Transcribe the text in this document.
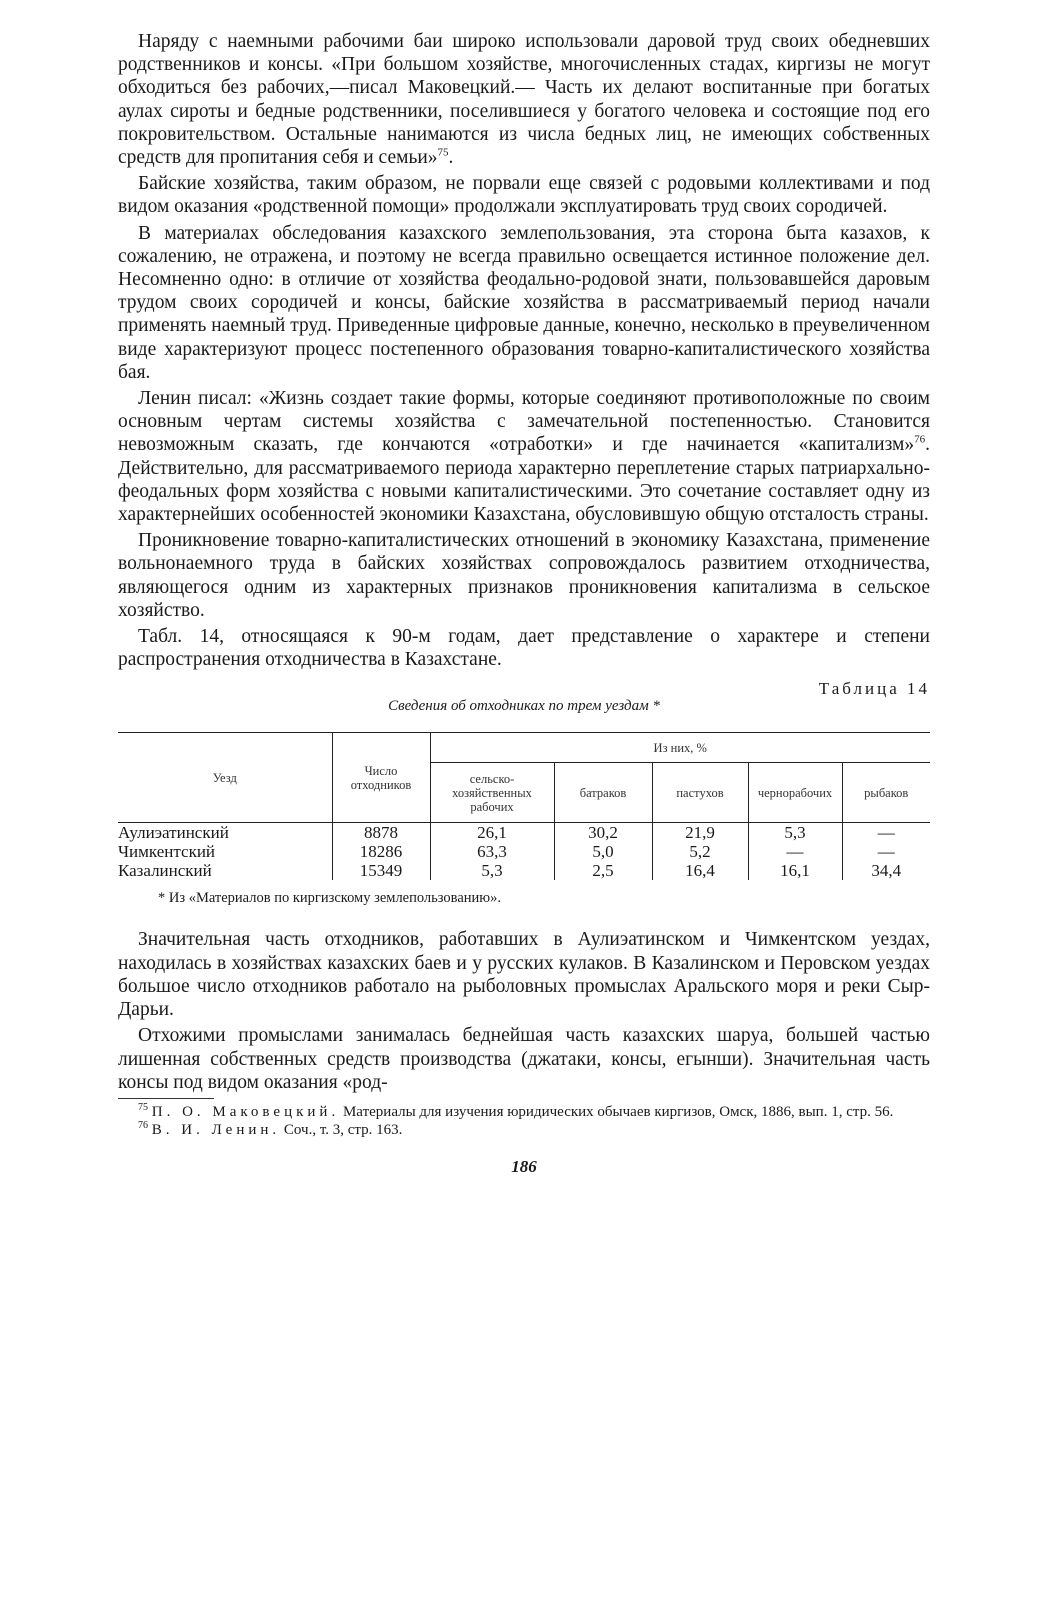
Наряду с наемными рабочими баи широко использовали даровой труд своих обедневших родственников и консы. «При большом хозяйстве, многочисленных стадах, киргизы не могут обходиться без рабочих,—писал Маковецкий.— Часть их делают воспитанные при богатых аулах сироты и бедные родственники, поселившиеся у богатого человека и состоящие под его покровительством. Остальные нанимаются из числа бедных лиц, не имеющих собственных средств для пропитания себя и семьи»$^{75}$.

Байские хозяйства, таким образом, не порвали еще связей с родовыми коллективами и под видом оказания «родственной помощи» продолжали эксплуатировать труд своих сородичей.

В материалах обследования казахского землепользования, эта сторона быта казахов, к сожалению, не отражена, и поэтому не всегда правильно освещается истинное положение дел. Несомненно одно: в отличие от хозяйства феодально-родовой знати, пользовавшейся даровым трудом своих сородичей и консы, байские хозяйства в рассматриваемый период начали применять наемный труд. Приведенные цифровые данные, конечно, несколько в преувеличенном виде характеризуют процесс постепенного образования товарно-капиталистического хозяйства бая.

Ленин писал: «Жизнь создает такие формы, которые соединяют противоположные по своим основным чертам системы хозяйства с замечательной постепенностью. Становится невозможным сказать, где кончаются «отработки» и где начинается «капитализм»$^{76}$. Действительно, для рассматриваемого периода характерно переплетение старых патриархально-феодальных форм хозяйства с новыми капиталистическими. Это сочетание составляет одну из характернейших особенностей экономики Казахстана, обусловившую общую отсталость страны.

Проникновение товарно-капиталистических отношений в экономику Казахстана, применение вольнонаемного труда в байских хозяйствах сопровождалось развитием отходничества, являющегося одним из характерных признаков проникновения капитализма в сельское хозяйство.

Табл. 14, относящаяся к 90-м годам, дает представление о характере и степени распространения отходничества в Казахстане.

Таблица 14
Сведения об отходниках по трем уездам *
Уезд	Число отходников	Из них, %				
		сельско-хозяйственных рабочих	батраков	пастухов	чернорабочих	рыбаков
Аулиэатинский	8878	26,1	30,2	21,9	5,3	—
Чимкентский	18286	63,3	5,0	5,2	—	—
Казалинский	15349	5,3	2,5	16,4	16,1	34,4
* Из «Материалов по киргизскому землепользованию».

Значительная часть отходников, работавших в Аулиэатинском и Чимкентском уездах, находилась в хозяйствах казахских баев и у русских кулаков. В Казалинском и Перовском уездах большое число отходников работало на рыболовных промыслах Аральского моря и реки Сыр-Дарьи.

Отхожими промыслами занималась беднейшая часть казахских шаруа, большей частью лишенная собственных средств производства (джатаки, консы, егынши). Значительная часть консы под видом оказания «род-

$^{75}$ П. О. Маковецкий. Материалы для изучения юридических обычаев киргизов, Омск, 1886, вып. 1, стр. 56.

$^{76}$ В. И. Ленин. Соч., т. 3, стр. 163.

186
